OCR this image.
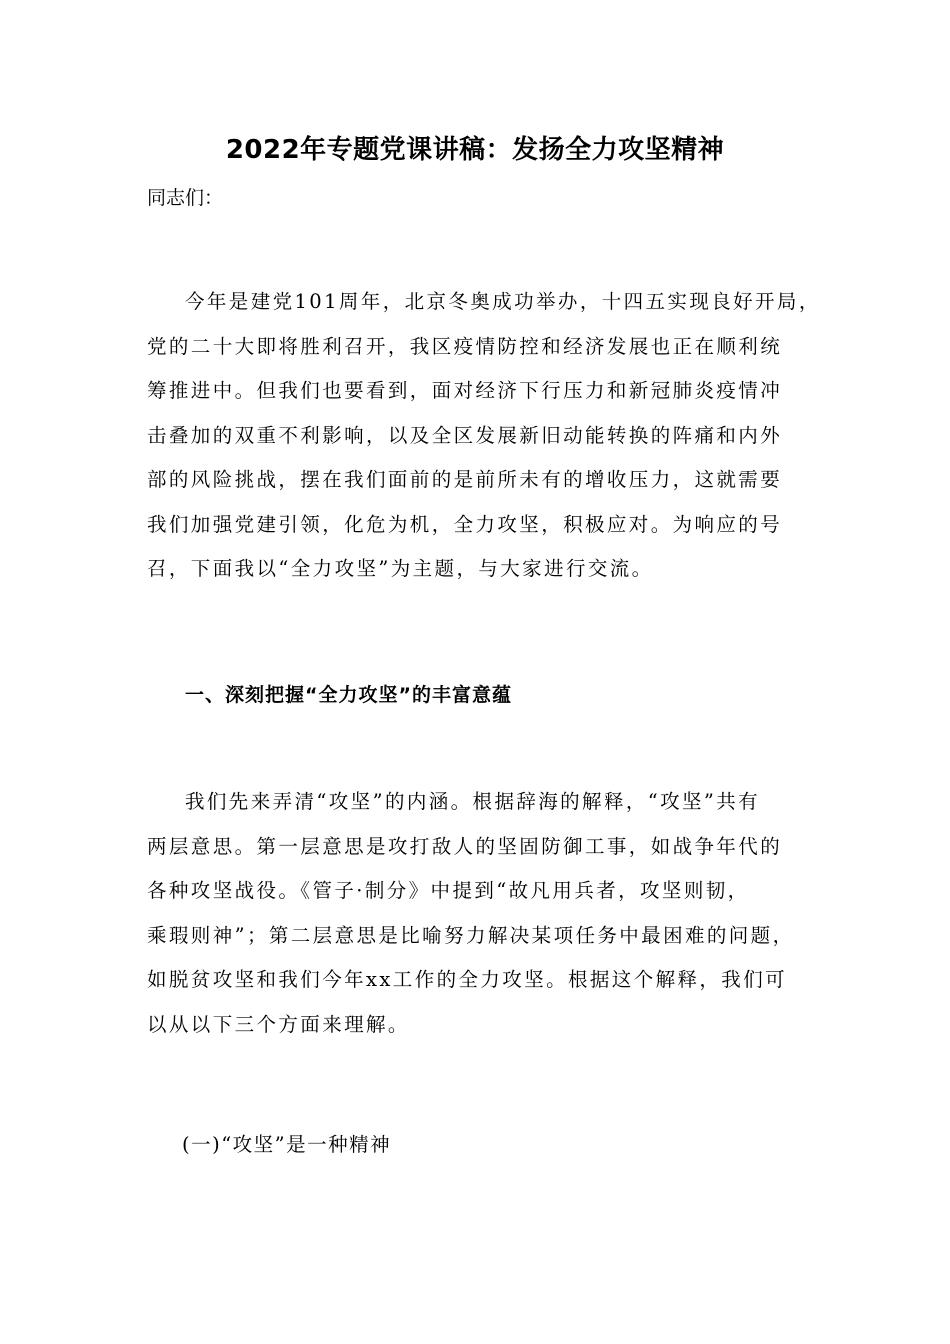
2022年专题党课讲稿：发扬全力攻坚精神
同志们：
今年是建党101周年，北京冬奥成功举办，十四五实现良好开局，
党的二十大即将胜利召开，我区疫情防控和经济发展也正在顺利统
筹推进中。但我们也要看到，面对经济下行压力和新冠肺炎疫情冲
击叠加的双重不利影响，以及全区发展新旧动能转换的阵痛和内外
部的风险挑战，摆在我们面前的是前所未有的增收压力，这就需要
我们加强党建引领，化危为机，全力攻坚，积极应对。为响应的号
召，下面我以“全力攻坚”为主题，与大家进行交流。
一、深刻把握“全力攻坚”的丰富意蕴
我们先来弄清“攻坚”的内涵。根据辞海的解释，“攻坚”共有
两层意思。第一层意思是攻打敌人的坚固防御工事，如战争年代的
各种攻坚战役。《管子·制分》中提到“故凡用兵者，攻坚则韧，
乘瑕则神”；第二层意思是比喻努力解决某项任务中最困难的问题，
如脱贫攻坚和我们今年xx工作的全力攻坚。根据这个解释，我们可
以从以下三个方面来理解。
(一)“攻坚”是一种精神
